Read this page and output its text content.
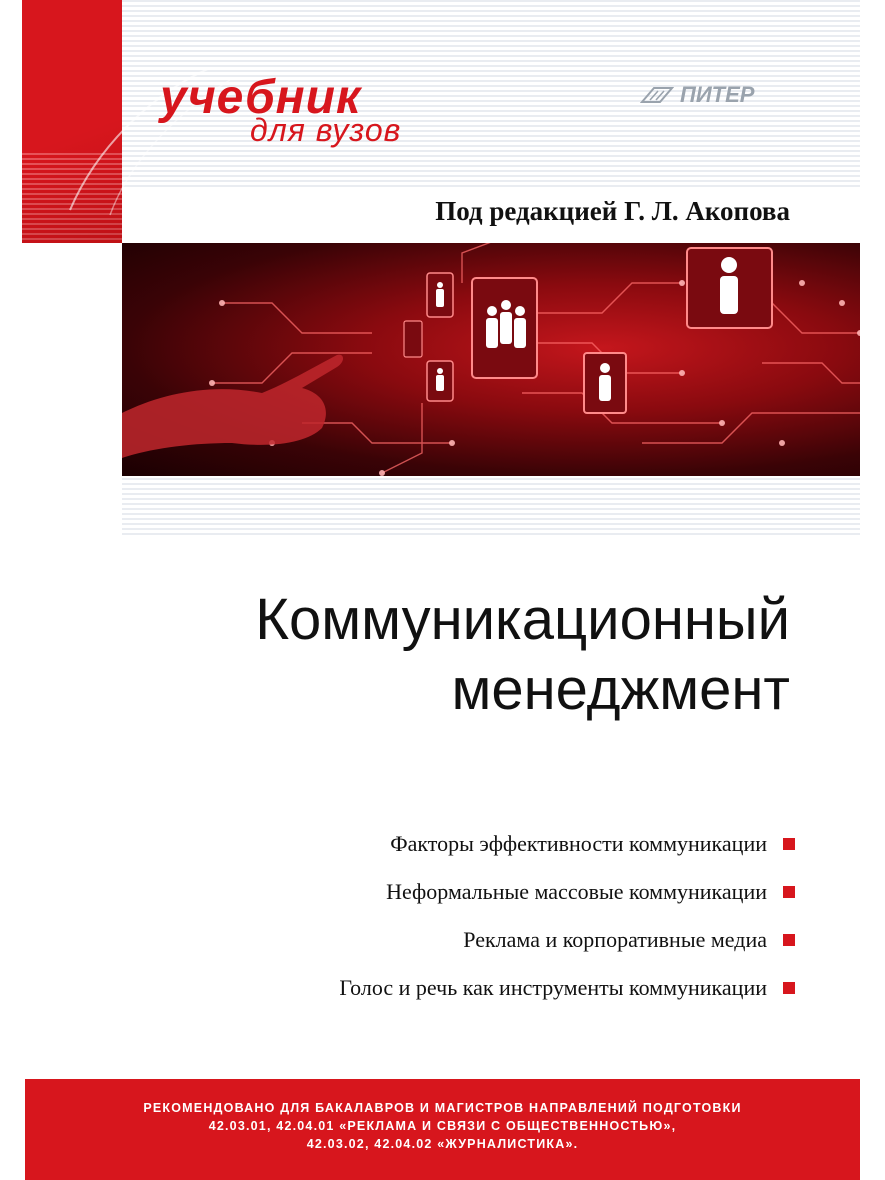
учебник
для вузов
ПИТЕР
Под редакцией Г. Л. Акопова
Коммуникационный
менеджмент
Факторы эффективности коммуникации
Неформальные массовые коммуникации
Реклама и корпоративные медиа
Голос и речь как инструменты коммуникации
РЕКОМЕНДОВАНО ДЛЯ БАКАЛАВРОВ И МАГИСТРОВ НАПРАВЛЕНИЙ ПОДГОТОВКИ
42.03.01, 42.04.01 «РЕКЛАМА И СВЯЗИ С ОБЩЕСТВЕННОСТЬЮ»,
42.03.02, 42.04.02 «ЖУРНАЛИСТИКА».
